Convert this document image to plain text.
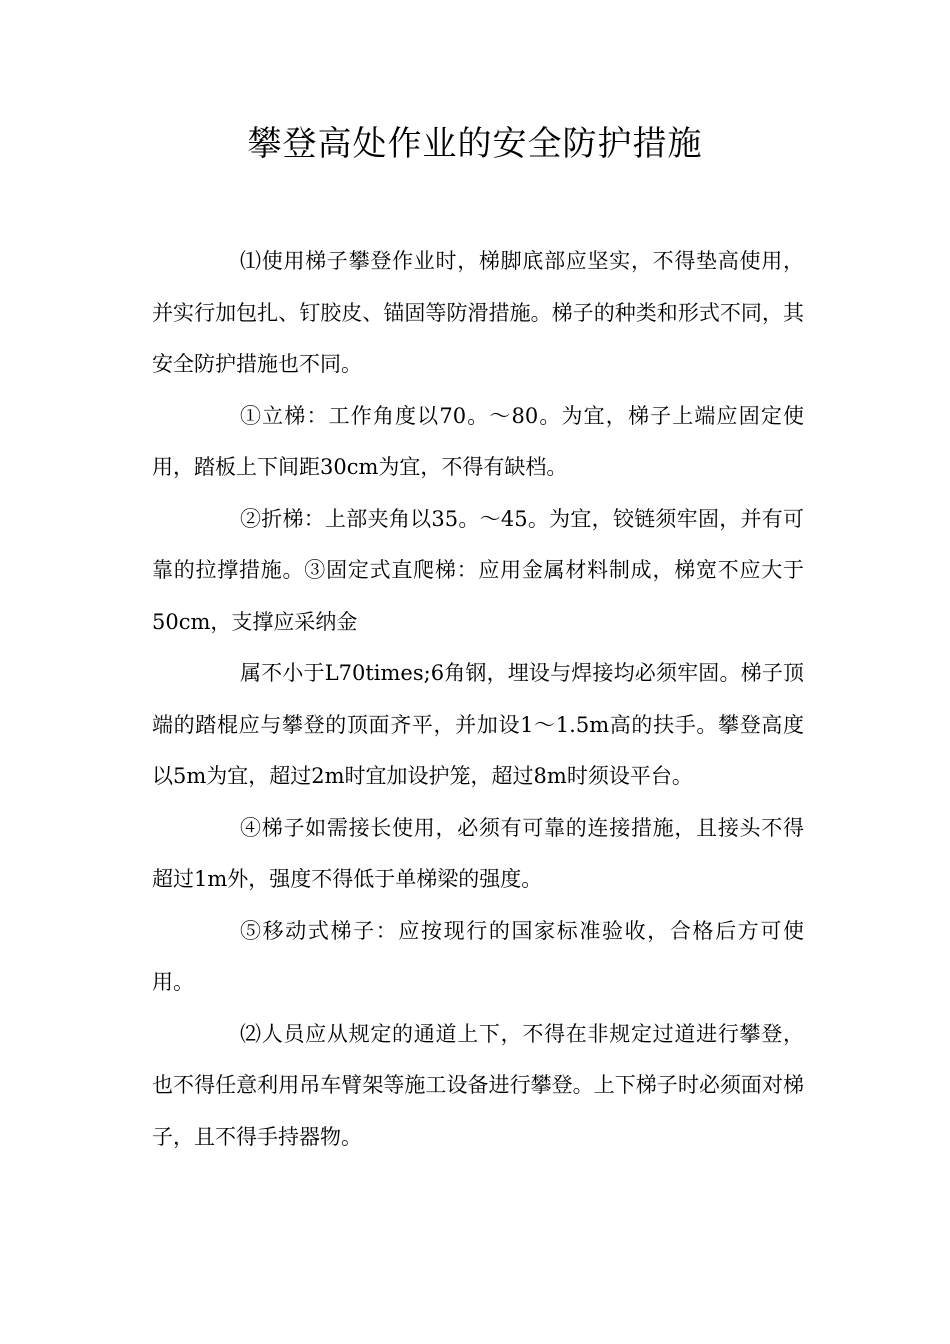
攀登高处作业的安全防护措施

⑴使用梯子攀登作业时，梯脚底部应坚实，不得垫高使用，并实行加包扎、钉胶皮、锚固等防滑措施。梯子的种类和形式不同，其安全防护措施也不同。

①立梯：工作角度以70。～80。为宜，梯子上端应固定使用，踏板上下间距30cm为宜，不得有缺档。

②折梯：上部夹角以35。～45。为宜，铰链须牢固，并有可靠的拉撑措施。③固定式直爬梯：应用金属材料制成，梯宽不应大于50cm，支撑应采纳金

属不小于L70times;6角钢，埋设与焊接均必须牢固。梯子顶端的踏棍应与攀登的顶面齐平，并加设1～1.5m高的扶手。攀登高度以5m为宜，超过2m时宜加设护笼，超过8m时须设平台。

④梯子如需接长使用，必须有可靠的连接措施，且接头不得超过1m外，强度不得低于单梯梁的强度。

⑤移动式梯子：应按现行的国家标准验收，合格后方可使用。

⑵人员应从规定的通道上下，不得在非规定过道进行攀登，也不得任意利用吊车臂架等施工设备进行攀登。上下梯子时必须面对梯子，且不得手持器物。
